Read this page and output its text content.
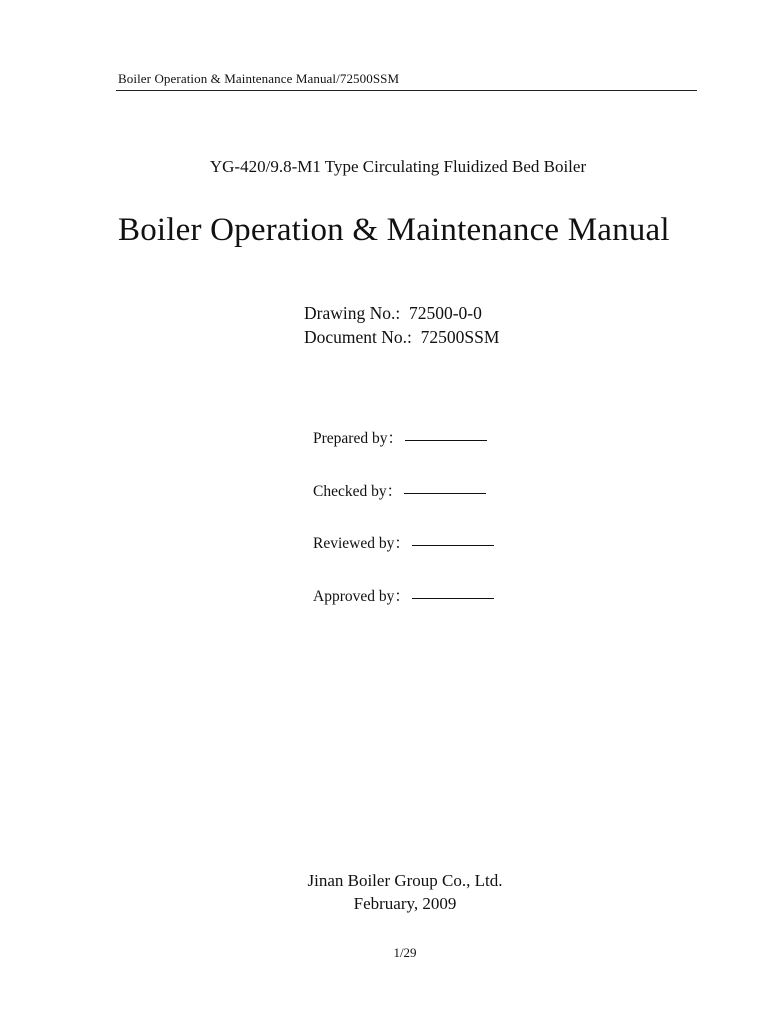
Boiler Operation & Maintenance Manual/72500SSM
YG-420/9.8-M1 Type Circulating Fluidized Bed Boiler
Boiler Operation & Maintenance Manual
Drawing No.:  72500-0-0
Document No.:  72500SSM
Prepared by：
Checked by：
Reviewed by：
Approved by：
Jinan Boiler Group Co., Ltd.
February, 2009
1/29
